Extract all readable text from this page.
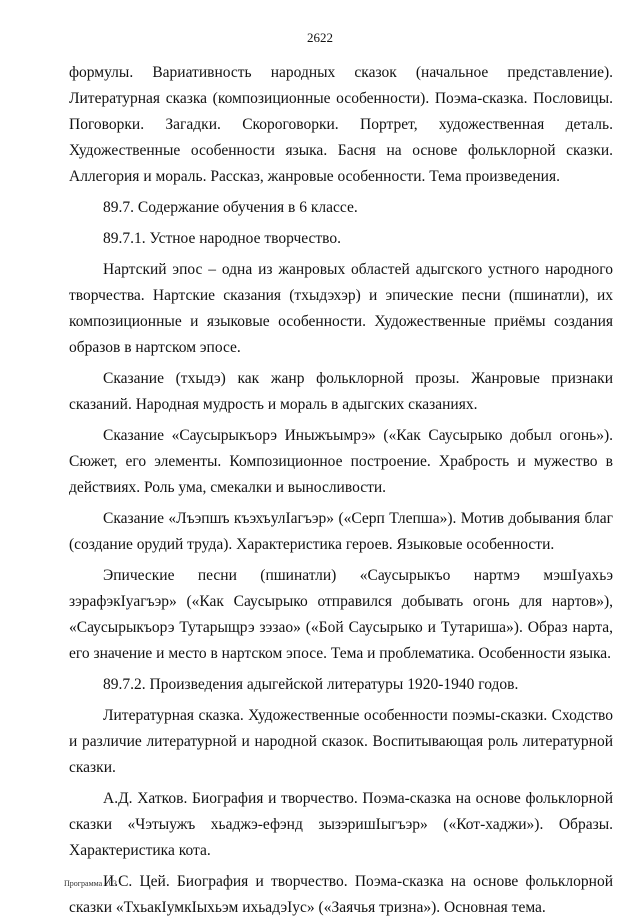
2622

формулы. Вариативность народных сказок (начальное представление). Литературная сказка (композиционные особенности). Поэма-сказка. Пословицы. Поговорки. Загадки. Скороговорки. Портрет, художественная деталь. Художественные особенности языка. Басня на основе фольклорной сказки. Аллегория и мораль. Рассказ, жанровые особенности. Тема произведения.

89.7. Содержание обучения в 6 классе.

89.7.1. Устное народное творчество.

Нартский эпос – одна из жанровых областей адыгского устного народного творчества. Нартские сказания (тхыдэхэр) и эпические песни (пшинатли), их композиционные и языковые особенности. Художественные приёмы создания образов в нартском эпосе.

Сказание (тхыдэ) как жанр фольклорной прозы. Жанровые признаки сказаний. Народная мудрость и мораль в адыгских сказаниях.

Сказание «Саусырыкъорэ Иныжъымрэ» («Как Саусырыко добыл огонь»). Сюжет, его элементы. Композиционное построение. Храбрость и мужество в действиях. Роль ума, смекалки и выносливости.

Сказание «Лъэпшъ къэхъулӀагъэр» («Серп Тлепша»). Мотив добывания благ (создание орудий труда). Характеристика героев. Языковые особенности.

Эпические песни (пшинатли) «Саусырыкъо нартмэ мэшӀуахьэ зэрафэкӀуагъэр» («Как Саусырыко отправился добывать огонь для нартов»), «Саусырыкъорэ Тутарыщрэ зэзао» («Бой Саусырыко и Тутариша»). Образ нарта, его значение и место в нартском эпосе. Тема и проблематика. Особенности языка.

89.7.2. Произведения адыгейской литературы 1920-1940 годов.

Литературная сказка. Художественные особенности поэмы-сказки. Сходство и различие литературной и народной сказок. Воспитывающая роль литературной сказки.

А.Д. Хатков. Биография и творчество. Поэма-сказка на основе фольклорной сказки «Чэтыужъ хьаджэ-ефэнд зызэришӀыгъэр» («Кот-хаджи»). Образы. Характеристика кота.

И.С. Цей. Биография и творчество. Поэма-сказка на основе фольклорной сказки «ТхьакӀумкӀыхьэм ихьадэӀус» («Заячья тризна»). Основная тема.

Программа - 03
